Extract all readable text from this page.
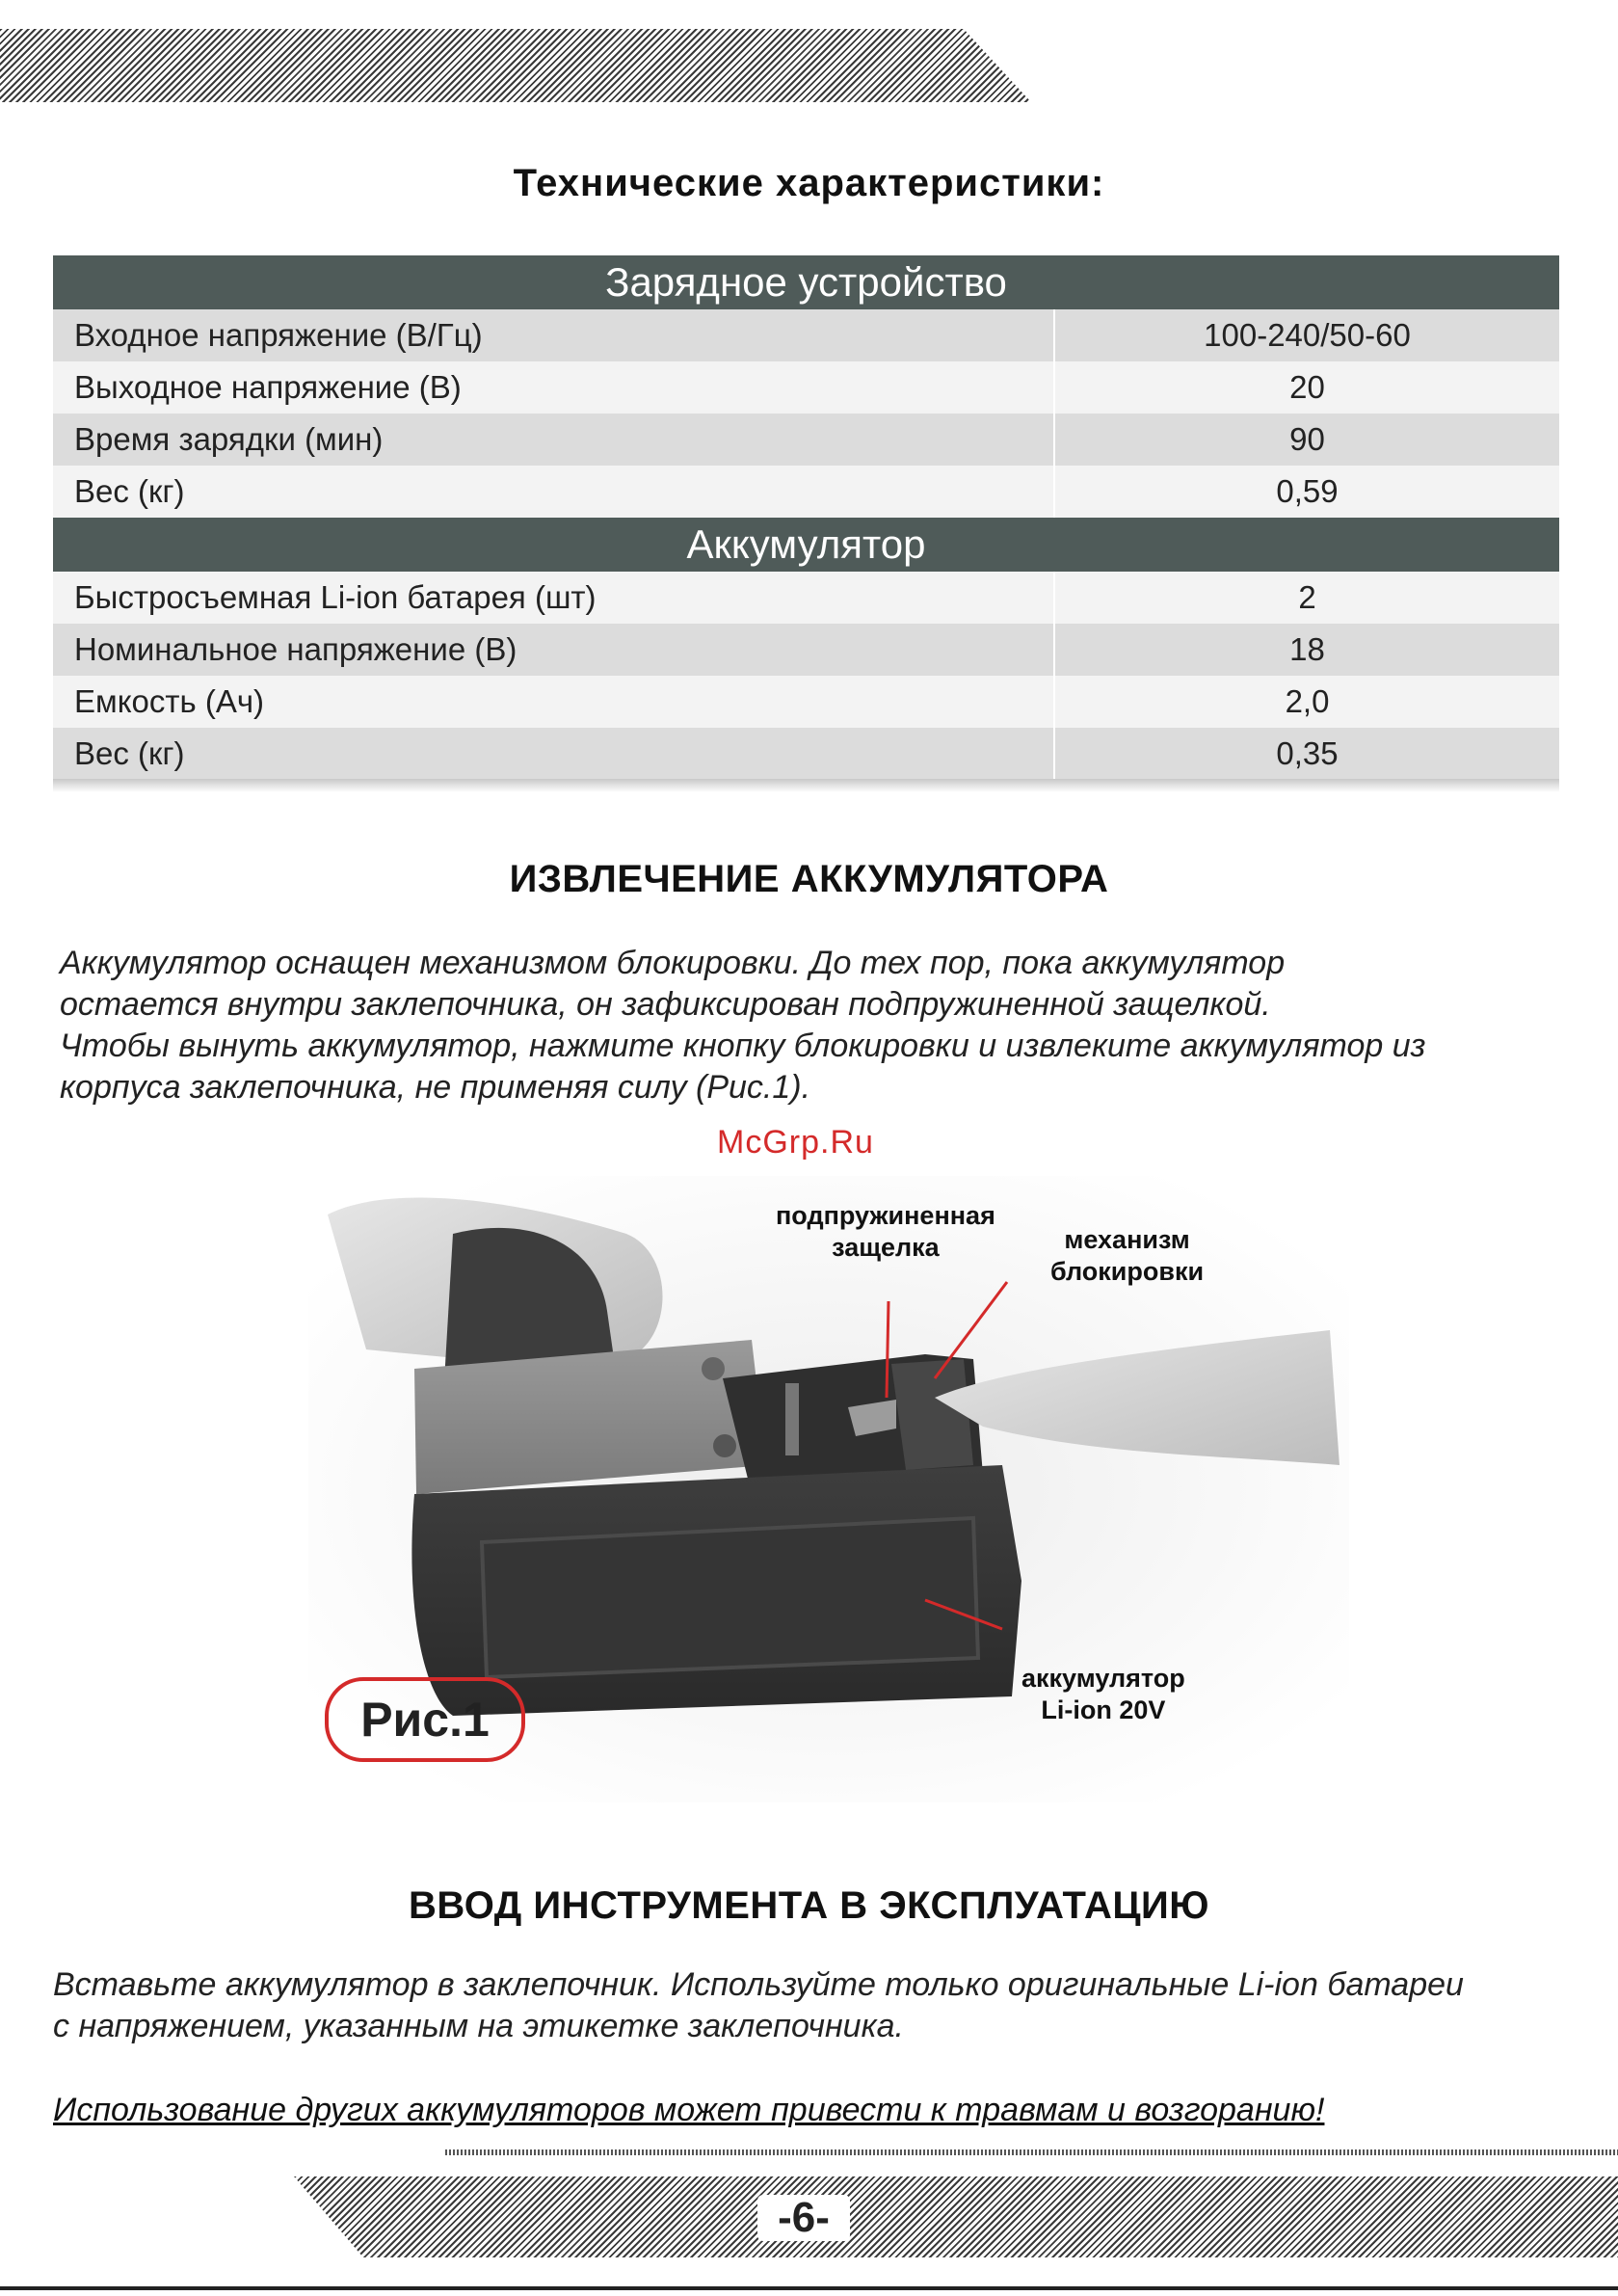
Технические характеристики:
Зарядное устройство
Входное напряжение (В/Гц)	100-240/50-60
Выходное напряжение (В)	20
Время зарядки (мин)	90
Вес (кг)	0,59
Аккумулятор
Быстросъемная Li-ion батарея (шт)	2
Номинальное напряжение (В)	18
Емкость (Ач)	2,0
Вес (кг)	0,35
ИЗВЛЕЧЕНИЕ АККУМУЛЯТОРА
Аккумулятор оснащен механизмом блокировки. До тех пор, пока аккумулятор
остается внутри заклепочника, он зафиксирован подпружиненной защелкой.
Чтобы вынуть аккумулятор, нажмите кнопку блокировки и извлеките аккумулятор из
корпуса заклепочника, не применяя силу (Рис.1).
McGrp.Ru
подпружиненная
защелка	механизм
блокировки
аккумулятор
Li-ion 20V
Рис.1
ВВОД ИНСТРУМЕНТА В ЭКСПЛУАТАЦИЮ
Вставьте аккумулятор в заклепочник. Используйте только оригинальные Li-ion батареи
с напряжением, указанным на этикетке заклепочника.
Использование других аккумуляторов может привести к травмам и возгоранию!
-6-
